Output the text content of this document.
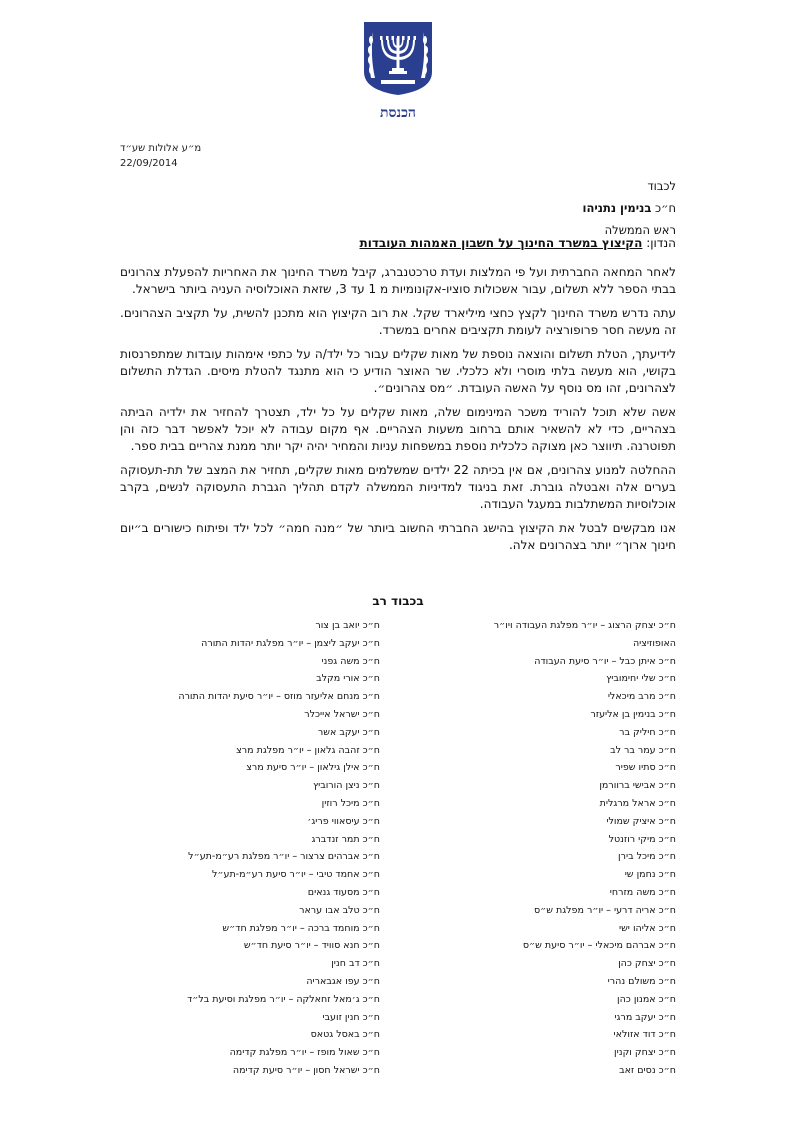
הכנסת
מ״ע אלולות שע״ד
22/09/2014
לכבוד
ח״כ בנימין נתניהו
ראש הממשלה
הנדון: הקיצוץ במשרד החינוך על חשבון האמהות העובדות

לאחר המחאה החברתית ועל פי המלצות ועדת טרכטנברג, קיבל משרד החינוך את האחריות להפעלת צהרונים בבתי הספר ללא תשלום, עבור אשכולות סוציו-אקונומיות מ 1 עד 3, שזאת האוכלוסיה העניה ביותר בישראל.

עתה נדרש משרד החינוך לקצץ כחצי מיליארד שקל. את רוב הקיצוץ הוא מתכנן להשית, על תקציב הצהרונים. זה מעשה חסר פרופורציה לעומת תקציבים אחרים במשרד.

לידיעתך, הטלת תשלום והוצאה נוספת של מאות שקלים עבור כל ילד/ה על כתפי אימהות עובדות שמתפרנסות בקושי, הוא מעשה בלתי מוסרי ולא כלכלי. שר האוצר הודיע כי הוא מתנגד להטלת מיסים. הגדלת התשלום לצהרונים, זהו מס נוסף על האשה העובדת. ״מס צהרונים״.

אשה שלא תוכל להוריד משכר המינימום שלה, מאות שקלים על כל ילד, תצטרך להחזיר את ילדיה הביתה בצהריים, כדי לא להשאיר אותם ברחוב משעות הצהריים. אף מקום עבודה לא יוכל לאפשר דבר כזה והן תפוטרנה. תיווצר כאן מצוקה כלכלית נוספת במשפחות עניות והמחיר יהיה יקר יותר ממנת צהריים בבית ספר.

ההחלטה למנוע צהרונים, אם אין בכיתה 22 ילדים שמשלמים מאות שקלים, תחזיר את המצב של תת-תעסוקה בערים אלה ואבטלה גוברת. זאת בניגוד למדיניות הממשלה לקדם תהליך הגברת התעסוקה לנשים, בקרב אוכלוסיות המשתלבות במעגל העבודה.

אנו מבקשים לבטל את הקיצוץ בהישג החברתי החשוב ביותר של ״מנה חמה״ לכל ילד ופיתוח כישורים ב״יום חינוך ארוך״ יותר בצהרונים אלה.

בכבוד רב
ח״כ יצחק הרצוג – יו״ר מפלגת העבודה ויו״ר האופוזיציה
ח״כ איתן כבל – יו״ר סיעת העבודה
ח״כ שלי יחימוביץ
ח״כ מרב מיכאלי
ח״כ בנימין בן אליעזר
ח״כ חיליק בר
ח״כ עמר בר לב
ח״כ סתיו שפיר
ח״כ אבישי ברוורמן
ח״כ אראל מרגלית
ח״כ איציק שמולי
ח״כ מיקי רוזנטל
ח״כ מיכל בירן
ח״כ נחמן שי
ח״כ משה מזרחי
ח״כ אריה דרעי – יו״ר מפלגת ש״ס
ח״כ אליהו ישי
ח״כ אברהם מיכאלי – יו״ר סיעת ש״ס
ח״כ יצחק כהן
ח״כ משולם נהרי
ח״כ אמנון כהן
ח״כ יעקב מרגי
ח״כ דוד אזולאי
ח״כ יצחק וקנין
ח״כ נסים זאב
ח״כ יואב בן צור
ח״כ יעקב ליצמן – יו״ר מפלגת יהדות התורה
ח״כ משה גפני
ח״כ אורי מקלב
ח״כ מנחם אליעזר מוזס – יו״ר סיעת יהדות התורה
ח״כ ישראל אייכלר
ח״כ יעקב אשר
ח״כ זהבה גלאון – יו״ר מפלגת מרצ
ח״כ אילן גילאון – יו״ר סיעת מרצ
ח״כ ניצן הורוביץ
ח״כ מיכל רוזין
ח״כ עיסאווי פריג׳
ח״כ תמר זנדברג
ח״כ אברהים צרצור – יו״ר מפלגת רע״מ-תע״ל
ח״כ אחמד טיבי – יו״ר סיעת רע״מ-תע״ל
ח״כ מסעוד גנאים
ח״כ טלב אבו עראר
ח״כ מוחמד ברכה – יו״ר מפלגת חד״ש
ח״כ חנא סוויד – יו״ר סיעת חד״ש
ח״כ דב חנין
ח״כ עפו אגבאריה
ח״כ ג׳מאל זחאלקה – יו״ר מפלגת וסיעת בל״ד
ח״כ חנין זועבי
ח״כ באסל גטאס
ח״כ שאול מופז – יו״ר מפלגת קדימה
ח״כ ישראל חסון – יו״ר סיעת קדימה
